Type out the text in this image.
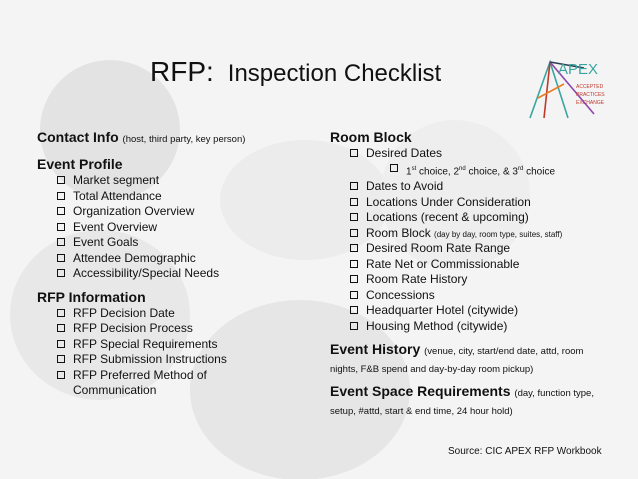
RFP: Inspection Checklist	APEX
ACCEPTED
PRACTICES
EXCHANGE
Contact Info (host, third party, key person)
Event Profile
Market segment
Total Attendance
Organization Overview
Event Overview
Event Goals
Attendee Demographic
Accessibility/Special Needs
RFP Information
RFP Decision Date
RFP Decision Process
RFP Special Requirements
RFP Submission Instructions
RFP Preferred Method of Communication
Room Block
Desired Dates
1st choice, 2nd choice, & 3rd choice
Dates to Avoid
Locations Under Consideration
Locations (recent & upcoming)
Room Block (day by day, room type, suites, staff)
Desired Room Rate Range
Rate Net or Commissionable
Room Rate History
Concessions
Headquarter Hotel (citywide)
Housing Method (citywide)
Event History (venue, city, start/end date, attd, room nights, F&B spend and day-by-day room pickup)
Event Space Requirements (day, function type, setup, #attd, start & end time, 24 hour hold)
Source: CIC APEX RFP Workbook
